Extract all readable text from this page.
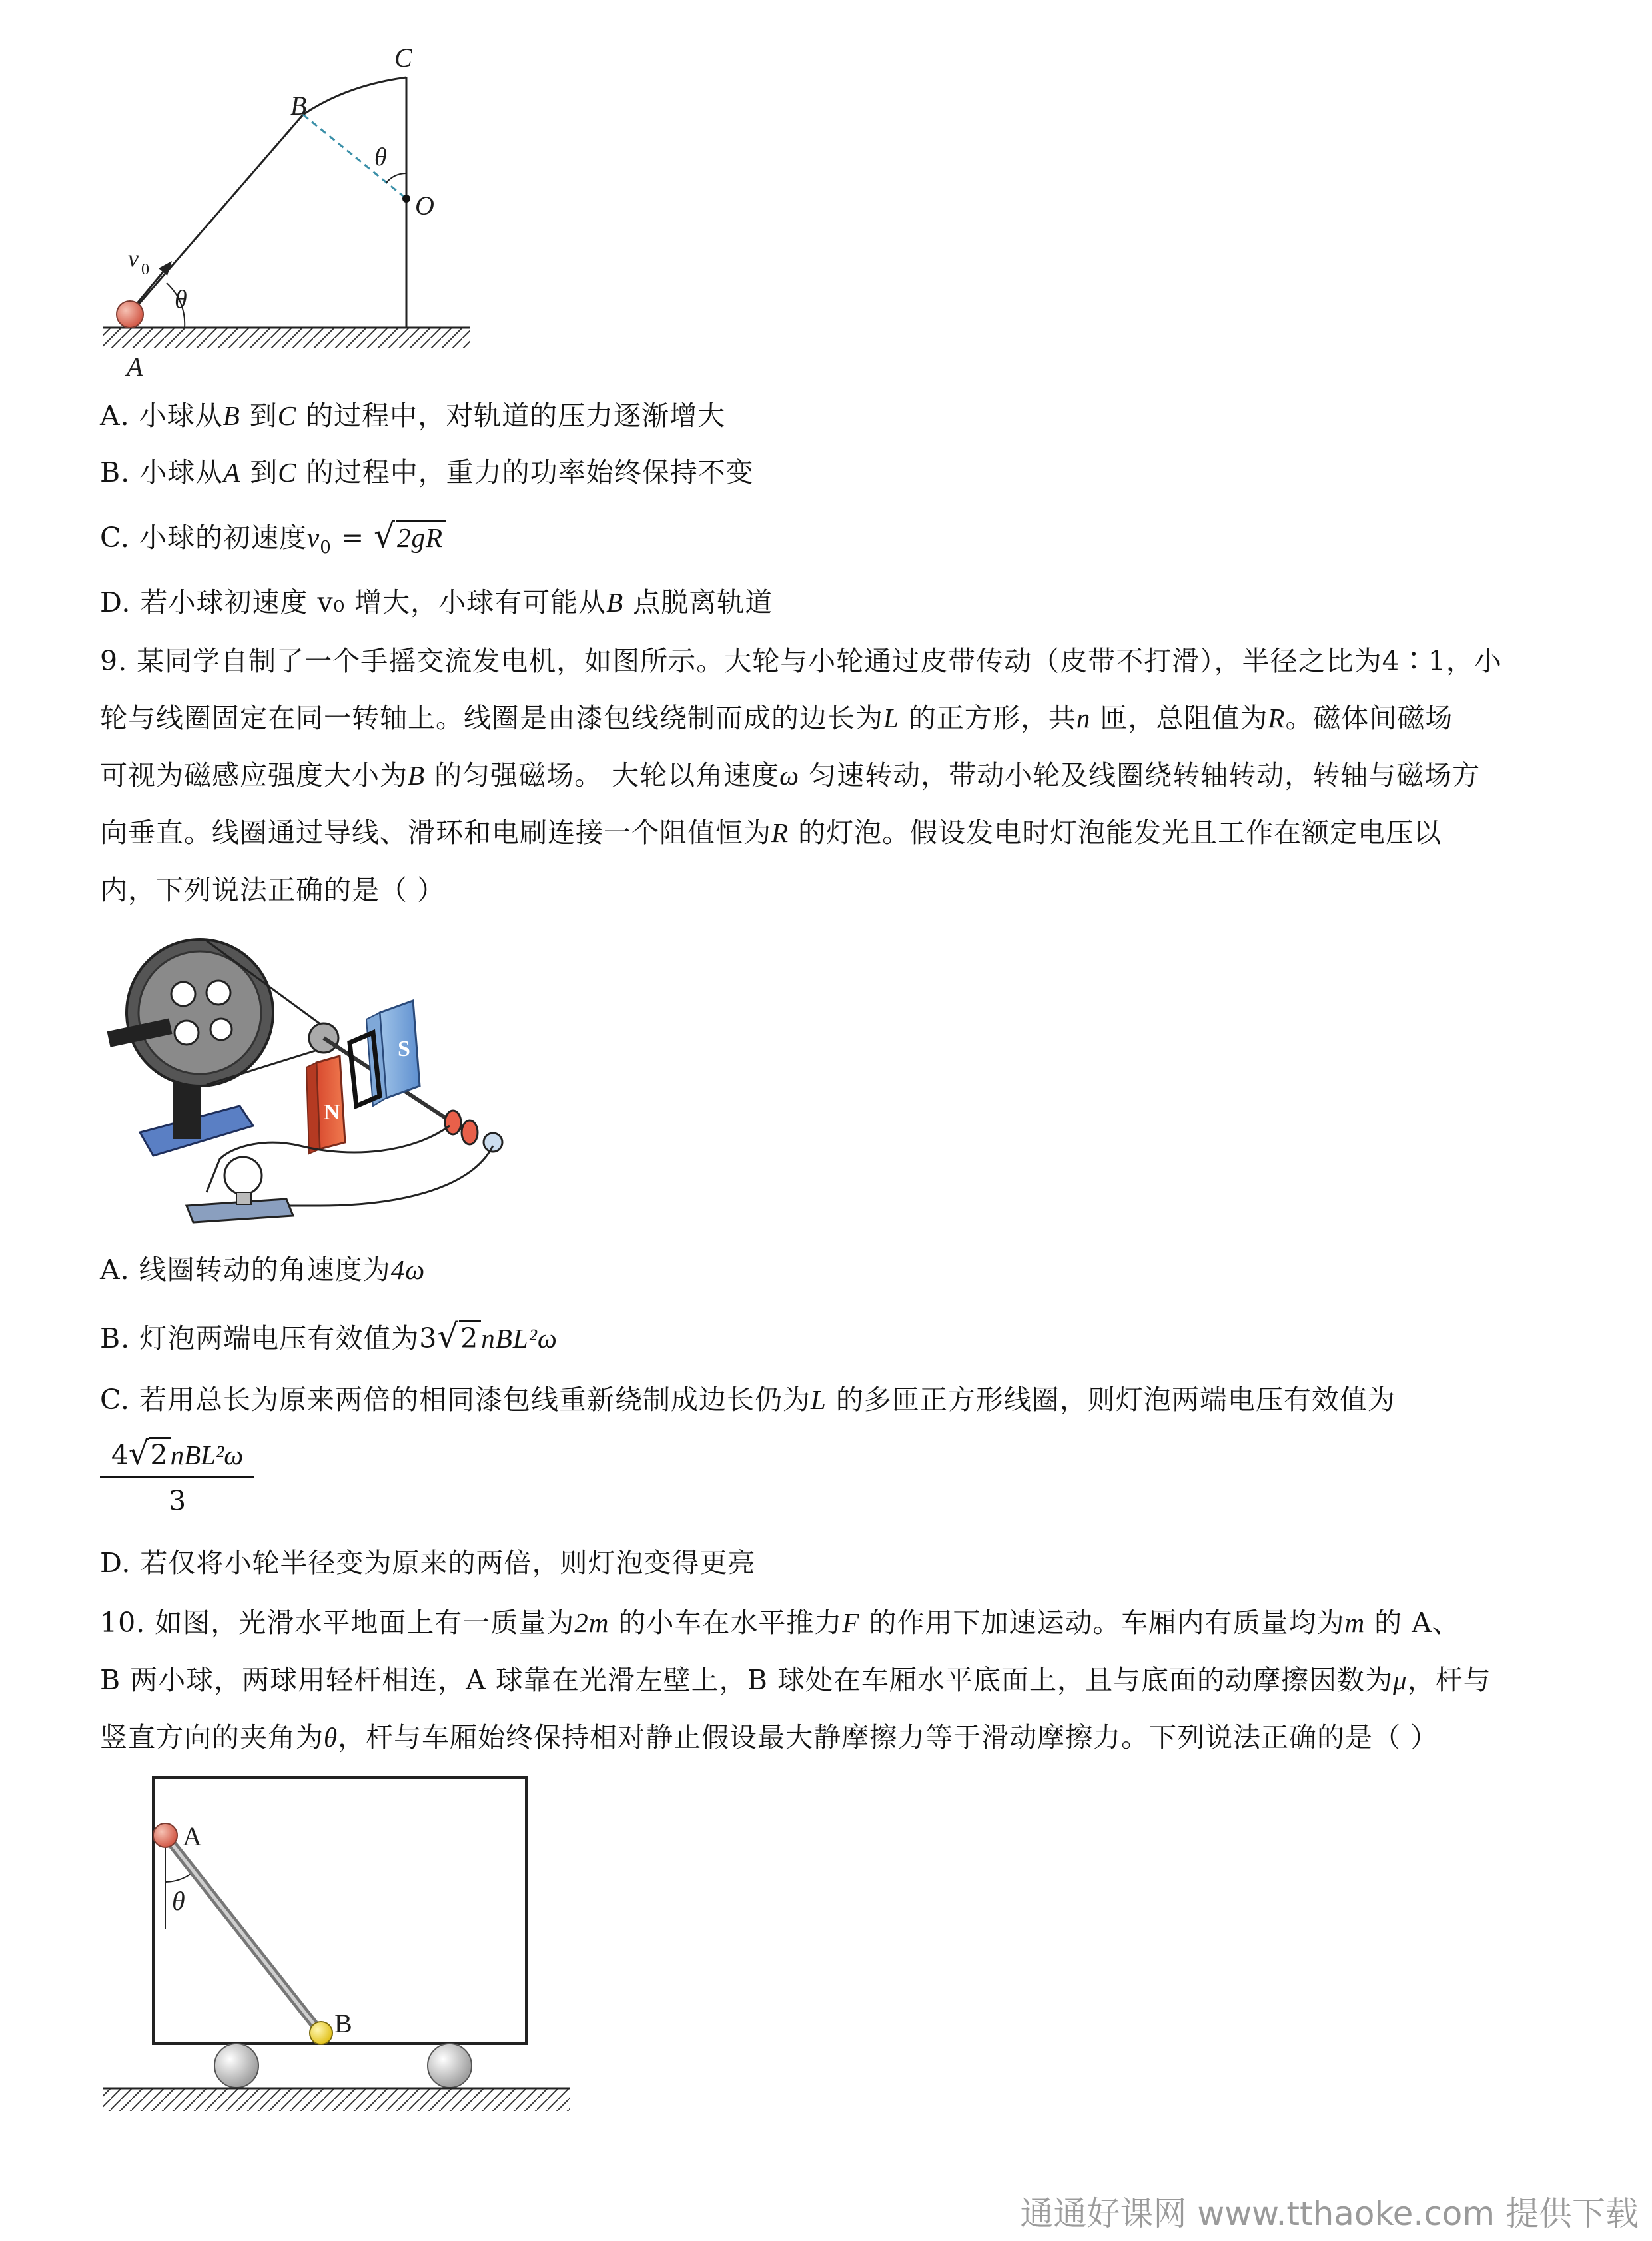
C
B
θ
O
v 0
θ
A

A. 小球从B 到C 的过程中，对轨道的压力逐渐增大

B. 小球从A 到C 的过程中，重力的功率始终保持不变

C. 小球的初速度$v_0 = √2gR$

D. 若小球初速度 v₀ 增大，小球有可能从B 点脱离轨道

9. 某同学自制了一个手摇交流发电机，如图所示。大轮与小轮通过皮带传动（皮带不打滑），半径之比为4∶1，小

轮与线圈固定在同一转轴上。线圈是由漆包线绕制而成的边长为L 的正方形，共n 匝，总阻值为R。磁体间磁场

可视为磁感应强度大小为B 的匀强磁场。 大轮以角速度ω 匀速转动，带动小轮及线圈绕转轴转动，转轴与磁场方

向垂直。线圈通过导线、滑环和电刷连接一个阻值恒为R 的灯泡。假设发电时灯泡能发光且工作在额定电压以

内，下列说法正确的是（ ）

S
N

A. 线圈转动的角速度为4ω

B. 灯泡两端电压有效值为3√2nBL²ω

C. 若用总长为原来两倍的相同漆包线重新绕制成边长仍为L 的多匝正方形线圈，则灯泡两端电压有效值为

4√2nBL²ω
3

D. 若仅将小轮半径变为原来的两倍，则灯泡变得更亮

10. 如图，光滑水平地面上有一质量为2m 的小车在水平推力F 的作用下加速运动。车厢内有质量均为m 的 A、

B 两小球，两球用轻杆相连，A 球靠在光滑左壁上，B 球处在车厢水平底面上，且与底面的动摩擦因数为μ，杆与

竖直方向的夹角为θ，杆与车厢始终保持相对静止假设最大静摩擦力等于滑动摩擦力。下列说法正确的是（ ）

A
θ
B
通通好课网 www.tthaoke.com 提供下载
